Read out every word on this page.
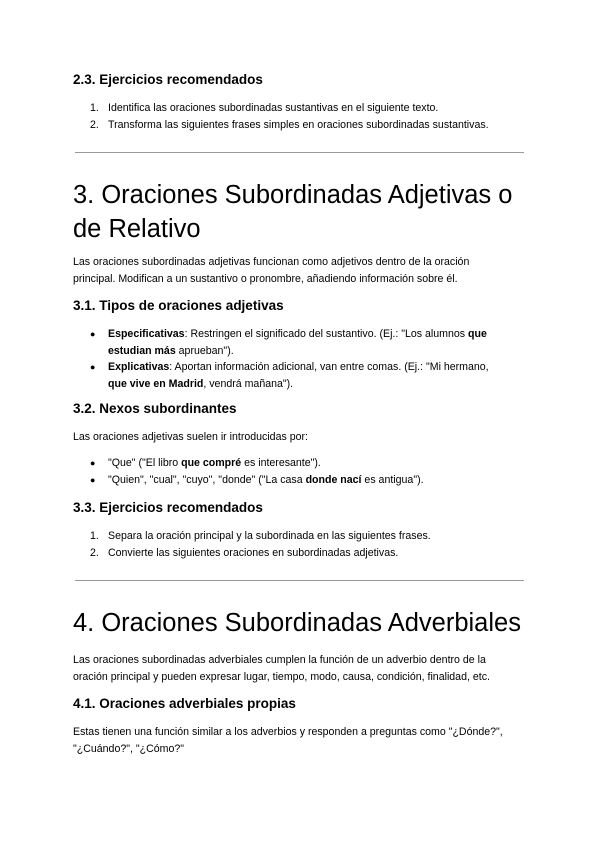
2.3. Ejercicios recomendados
1. Identifica las oraciones subordinadas sustantivas en el siguiente texto.
2. Transforma las siguientes frases simples en oraciones subordinadas sustantivas.
3. Oraciones Subordinadas Adjetivas o
de Relativo

Las oraciones subordinadas adjetivas funcionan como adjetivos dentro de la oración
principal. Modifican a un sustantivo o pronombre, añadiendo información sobre él.

3.1. Tipos de oraciones adjetivas
● Especificativas: Restringen el significado del sustantivo. (Ej.: "Los alumnos que
estudian más aprueban").
● Explicativas: Aportan información adicional, van entre comas. (Ej.: "Mi hermano,
que vive en Madrid, vendrá mañana").
3.2. Nexos subordinantes

Las oraciones adjetivas suelen ir introducidas por:

● "Que" ("El libro que compré es interesante").
● "Quien", "cual", "cuyo", "donde" ("La casa donde nací es antigua").
3.3. Ejercicios recomendados
1. Separa la oración principal y la subordinada en las siguientes frases.
2. Convierte las siguientes oraciones en subordinadas adjetivas.
4. Oraciones Subordinadas Adverbiales

Las oraciones subordinadas adverbiales cumplen la función de un adverbio dentro de la
oración principal y pueden expresar lugar, tiempo, modo, causa, condición, finalidad, etc.

4.1. Oraciones adverbiales propias

Estas tienen una función similar a los adverbios y responden a preguntas como "¿Dónde?",
"¿Cuándo?", "¿Cómo?"
